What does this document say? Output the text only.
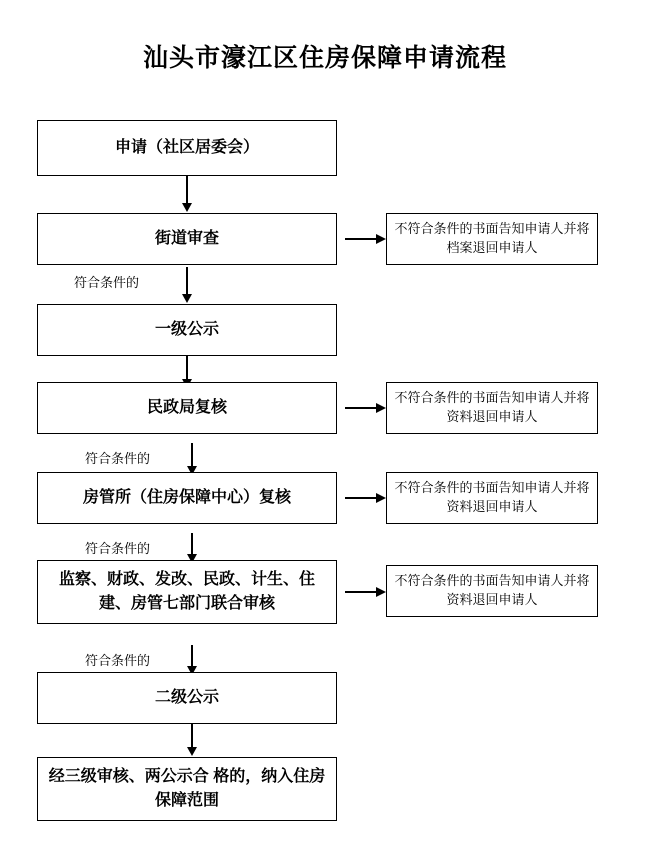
汕头市濠江区住房保障申请流程
申请（社区居委会）
街道审查
不符合条件的书面告知申请人并将档案退回申请人
符合条件的
一级公示
民政局复核
不符合条件的书面告知申请人并将资料退回申请人
符合条件的
房管所（住房保障中心）复核
不符合条件的书面告知申请人并将资料退回申请人
符合条件的
监察、财政、发改、民政、计生、住建、房管七部门联合审核
不符合条件的书面告知申请人并将资料退回申请人
符合条件的
二级公示
经三级审核、两公示合 格的，纳入住房保障范围
